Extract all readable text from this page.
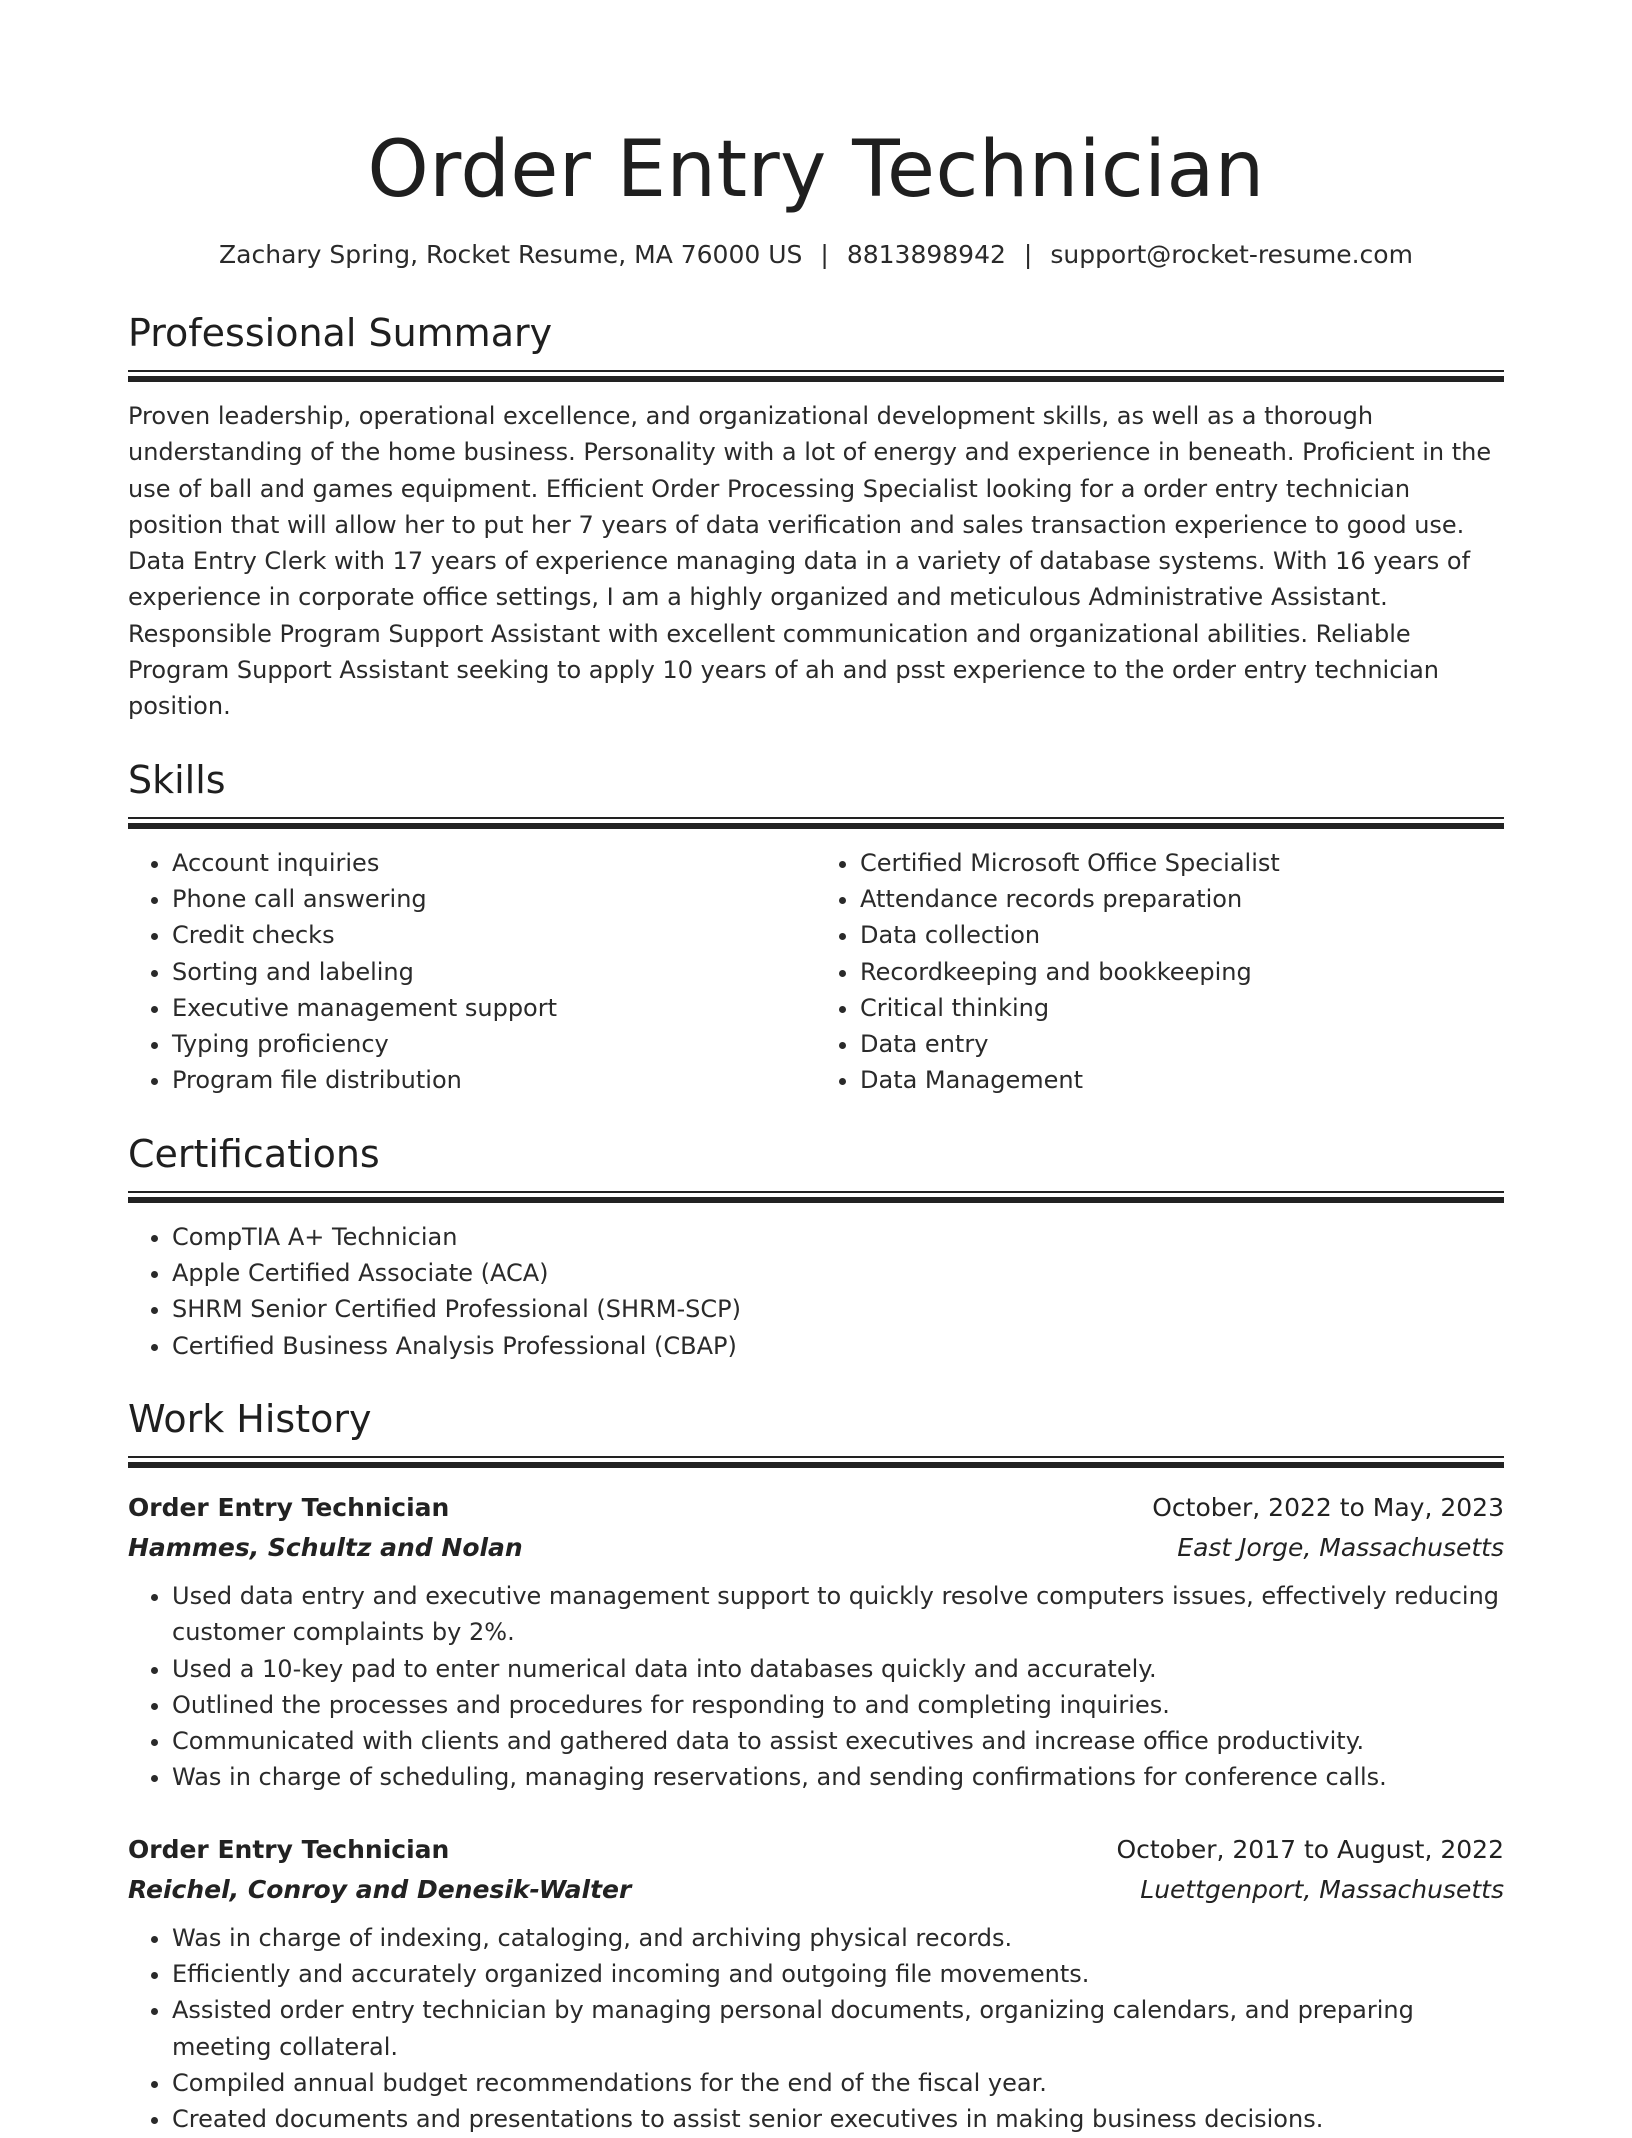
Order Entry Technician
Zachary Spring, Rocket Resume, MA 76000 US | 8813898942 | support@rocket-resume.com
Professional Summary
Proven leadership, operational excellence, and organizational development skills, as well as a thorough understanding of the home business. Personality with a lot of energy and experience in beneath. Proficient in the use of ball and games equipment. Efficient Order Processing Specialist looking for a order entry technician position that will allow her to put her 7 years of data verification and sales transaction experience to good use. Data Entry Clerk with 17 years of experience managing data in a variety of database systems. With 16 years of experience in corporate office settings, I am a highly organized and meticulous Administrative Assistant. Responsible Program Support Assistant with excellent communication and organizational abilities. Reliable Program Support Assistant seeking to apply 10 years of ah and psst experience to the order entry technician position.
Skills
• Account inquiries
• Phone call answering
• Credit checks
• Sorting and labeling
• Executive management support
• Typing proficiency
• Program file distribution
• Certified Microsoft Office Specialist
• Attendance records preparation
• Data collection
• Recordkeeping and bookkeeping
• Critical thinking
• Data entry
• Data Management
Certifications
• CompTIA A+ Technician
• Apple Certified Associate (ACA)
• SHRM Senior Certified Professional (SHRM-SCP)
• Certified Business Analysis Professional (CBAP)
Work History
Order Entry Technician	October, 2022 to May, 2023
Hammes, Schultz and Nolan	East Jorge, Massachusetts
• Used data entry and executive management support to quickly resolve computers issues, effectively reducing customer complaints by 2%.
• Used a 10-key pad to enter numerical data into databases quickly and accurately.
• Outlined the processes and procedures for responding to and completing inquiries.
• Communicated with clients and gathered data to assist executives and increase office productivity.
• Was in charge of scheduling, managing reservations, and sending confirmations for conference calls.
Order Entry Technician	October, 2017 to August, 2022
Reichel, Conroy and Denesik-Walter	Luettgenport, Massachusetts
• Was in charge of indexing, cataloging, and archiving physical records.
• Efficiently and accurately organized incoming and outgoing file movements.
• Assisted order entry technician by managing personal documents, organizing calendars, and preparing meeting collateral.
• Compiled annual budget recommendations for the end of the fiscal year.
• Created documents and presentations to assist senior executives in making business decisions.
